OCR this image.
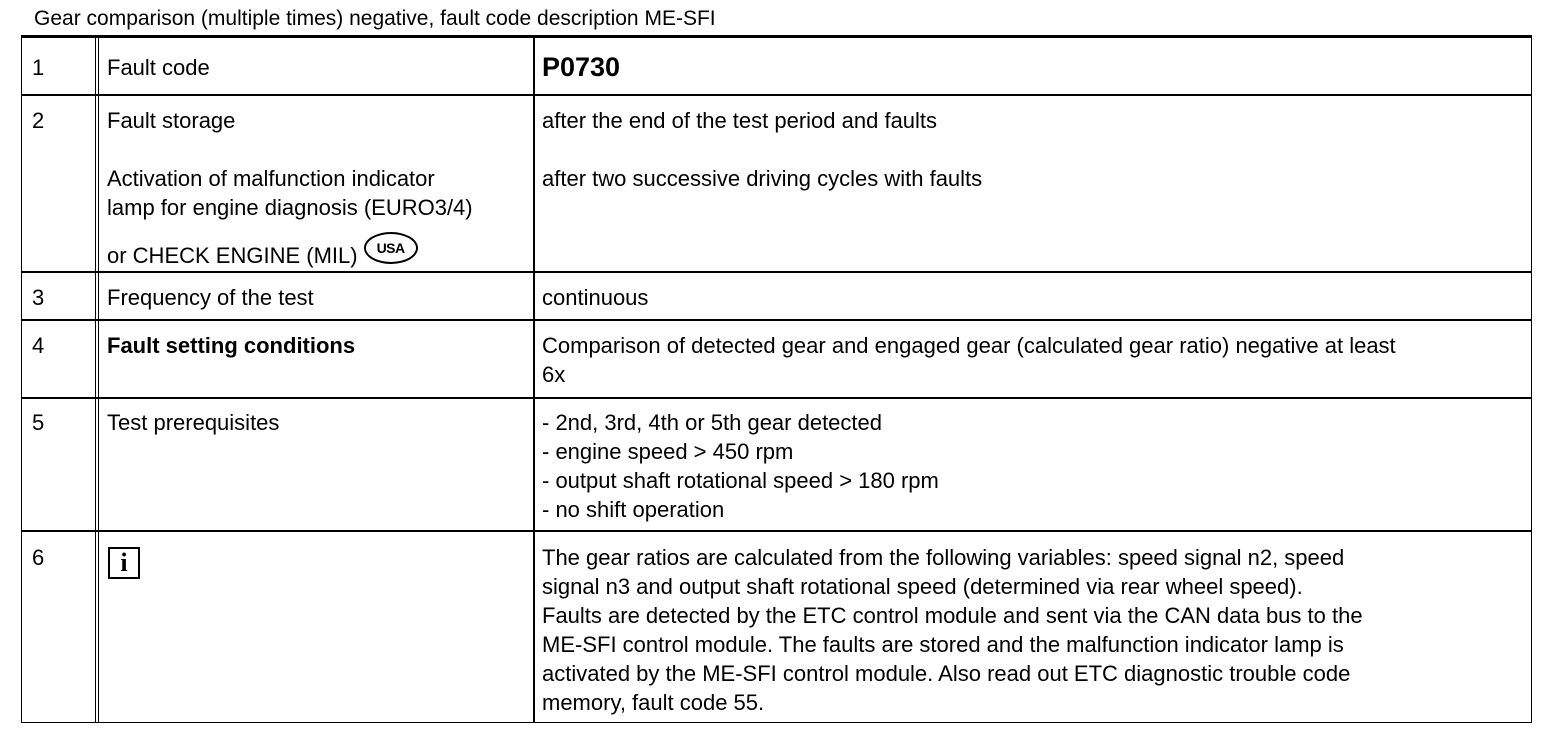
Gear comparison (multiple times) negative, fault code description ME-SFI
1	Fault code	P0730
2	Fault storage	after the end of the test period and faults
Activation of malfunction indicator
lamp for engine diagnosis (EURO3/4)
or CHECK ENGINE (MIL) USA
after two successive driving cycles with faults
3	Frequency of the test	continuous
4	Fault setting conditions	Comparison of detected gear and engaged gear (calculated gear ratio) negative at least
6x
5	Test prerequisites	- 2nd, 3rd, 4th or 5th gear detected
- engine speed > 450 rpm
- output shaft rotational speed > 180 rpm
- no shift operation
6	i	The gear ratios are calculated from the following variables: speed signal n2, speed
signal n3 and output shaft rotational speed (determined via rear wheel speed).
Faults are detected by the ETC control module and sent via the CAN data bus to the
ME-SFI control module. The faults are stored and the malfunction indicator lamp is
activated by the ME-SFI control module. Also read out ETC diagnostic trouble code
memory, fault code 55.
